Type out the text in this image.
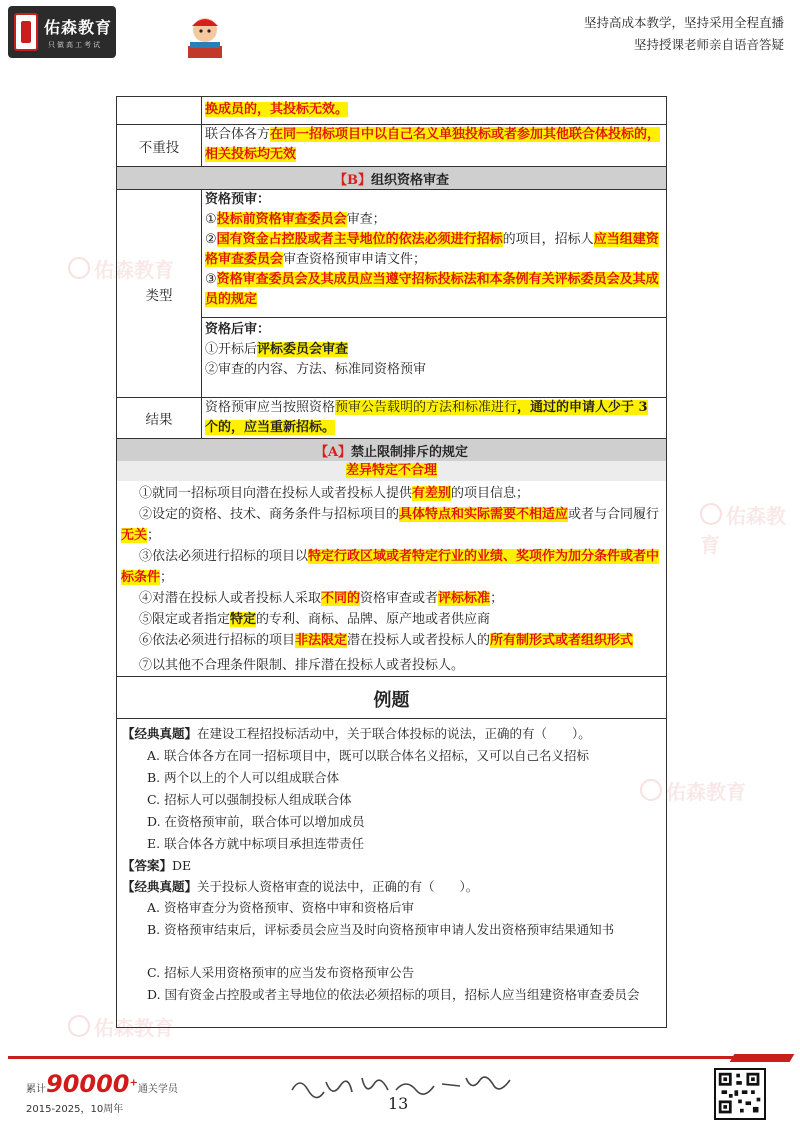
佑森教育
只做高工考试
坚持高成本教学，坚持采用全程直播
坚持授课老师亲自语音答疑
佑森教育
佑森教育
佑森教育
佑森教育
换成员的，其投标无效。
不重投
联合体各方在同一招标项目中以自己名义单独投标或者参加其他联合体投标的，相关投标均无效
【B】 组织资格审查
类型
资格预审：
①投标前资格审查委员会审查；
②国有资金占控股或者主导地位的依法必须进行招标的项目，招标人应当组建资格审查委员会审查资格预审申请文件；
③资格审查委员会及其成员应当遵守招标投标法和本条例有关评标委员会及其成员的规定
资格后审：
①开标后评标委员会审查
②审查的内容、方法、标准同资格预审
结果
资格预审应当按照资格预审公告载明的方法和标准进行，通过的申请人少于 3 个的，应当重新招标。
【A】 禁止限制排斥的规定
差异特定不合理
①就同一招标项目向潜在投标人或者投标人提供有差别的项目信息；
②设定的资格、技术、商务条件与招标项目的具体特点和实际需要不相适应或者与合同履行无关；
③依法必须进行招标的项目以特定行政区域或者特定行业的业绩、奖项作为加分条件或者中标条件；
④对潜在投标人或者投标人采取不同的资格审查或者评标标准；
⑤限定或者指定特定的专利、商标、品牌、原产地或者供应商
⑥依法必须进行招标的项目非法限定潜在投标人或者投标人的所有制形式或者组织形式
⑦以其他不合理条件限制、排斥潜在投标人或者投标人。
例题
【经典真题】在建设工程招投标活动中，关于联合体投标的说法，正确的有（　　）。
A. 联合体各方在同一招标项目中，既可以联合体名义招标，又可以自己名义招标
B. 两个以上的个人可以组成联合体
C. 招标人可以强制投标人组成联合体
D. 在资格预审前，联合体可以增加成员
E. 联合体各方就中标项目承担连带责任
【答案】DE
【经典真题】关于投标人资格审查的说法中，正确的有（　　）。
A. 资格审查分为资格预审、资格中审和资格后审
B. 资格预审结束后，评标委员会应当及时向资格预审申请人发出资格预审结果通知书
C. 招标人采用资格预审的应当发布资格预审公告
D. 国有资金占控股或者主导地位的依法必须招标的项目，招标人应当组建资格审查委员会
累计90000+通关学员
2015-2025，10周年	13
